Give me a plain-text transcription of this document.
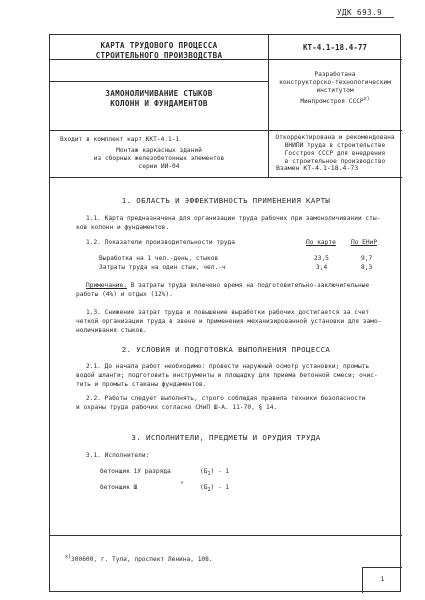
УДК 693.9
КАРТА ТРУДОВОГО ПРОЦЕССА
СТРОИТЕЛЬНОГО ПРОИЗВОДСТВА
КТ-4.1-18.4-77
ЗАМОНОЛИЧИВАНИЕ СТЫКОВ
КОЛОНН И ФУНДАМЕНТОВ
Разработана
конструкторско-технологическим
институтом
Минпромстроя СССР$^{x)}$
Откорректирована и рекомендована
ВНИПИ труда в строительстве
Госстроя СССР для внедрения
в строительное производство
Входит в комплект карт ККТ-4.1-1
Монтаж каркасных зданий
из сборных железобетонных элементов
серии ИИ-04	Взамен КТ-4.1-18.4-73
1. ОБЛАСТЬ И ЭФФЕКТИВНОСТЬ ПРИМЕНЕНИЯ КАРТЫ
1.1. Карта предназначена для организации труда рабочих при замоноличивании сты-
ков колонн и фундаментов.
1.2. Показатели производительности труда	По карте По ЕНиР
Выработка на 1 чел.-день, стыков	23,5	9,7
Затраты труда на один стык, чел.-ч	3,4	8,3
Примечание. В затраты труда включено время на подготовительно-заключительные
работы (4%) и отдых (12%).
1.3. Снижение затрат труда и повышение выработки рабочих достигается за счет
четкой организации труда в звене и применения механизированной установки для замо-
ноличивания стыков.
2. УСЛОВИЯ И ПОДГОТОВКА ВЫПОЛНЕНИЯ ПРОЦЕССА
2.1. До начала работ необходимо: провести наружный осмотр установки; промыть
водой шланги; подготовить инструменты и площадку для приема бетонной смеси; очис-
тить и промыть стаканы фундаментов.
2.2. Работы следует выполнять, строго соблюдая правила техники безопасности
и охраны труда рабочих согласно СНиП Ш-А. 11-70, § 14.
3. ИСПОЛНИТЕЛИ, ПРЕДМЕТЫ И ОРУДИЯ ТРУДА
3.1. Исполнители:
бетонщик 1У разряда	$(Б_1) - 1$
бетонщик Ш	"	$(Б_2) - 1$
$^{x)}$300600, г. Тула, проспект Ленина, 108.
1
